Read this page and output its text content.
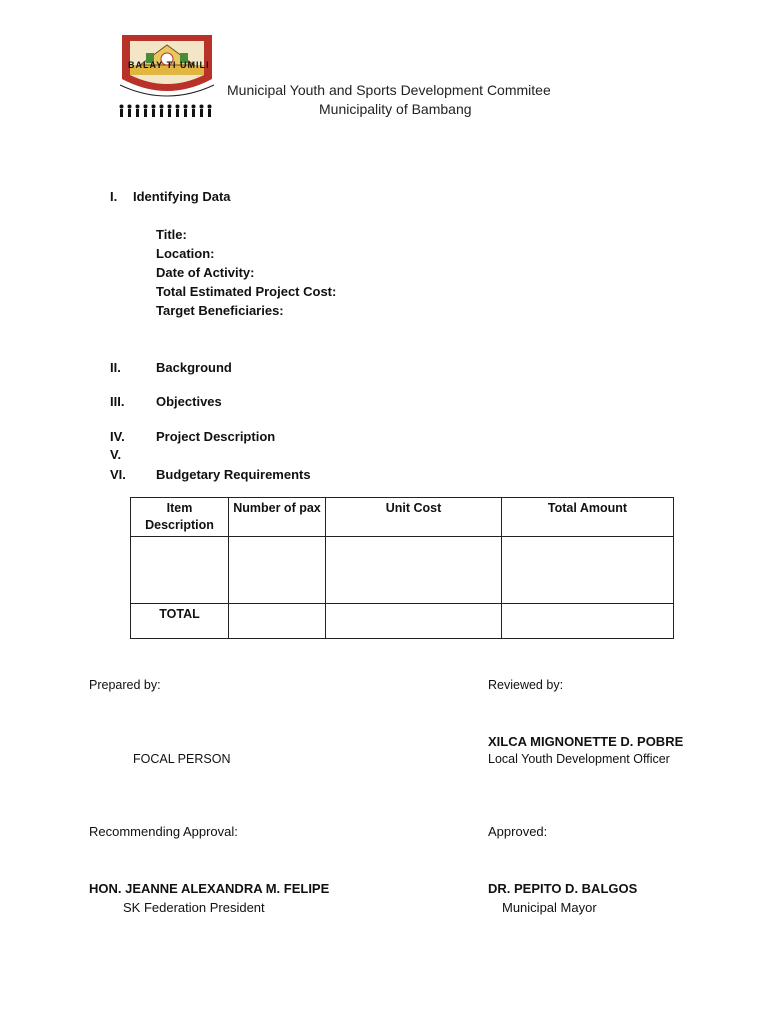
BALAY TI UMILI
Municipal Youth and Sports Development Commitee
Municipality of Bambang
I. Identifying Data
Title:
Location:
Date of Activity:
Total Estimated Project Cost:
Target Beneficiaries:
II.	Background
III. Objectives
IV. Project Description
V.
VI. Budgetary Requirements
Item Description	Number of pax	Unit Cost	Total Amount

TOTAL			
Prepared by:	Reviewed by:
XILCA MIGNONETTE D. POBRE
FOCAL PERSON	Local Youth Development Officer
Recommending Approval:	Approved:
HON. JEANNE ALEXANDRA M. FELIPE	DR. PEPITO D. BALGOS
SK Federation President	Municipal Mayor
